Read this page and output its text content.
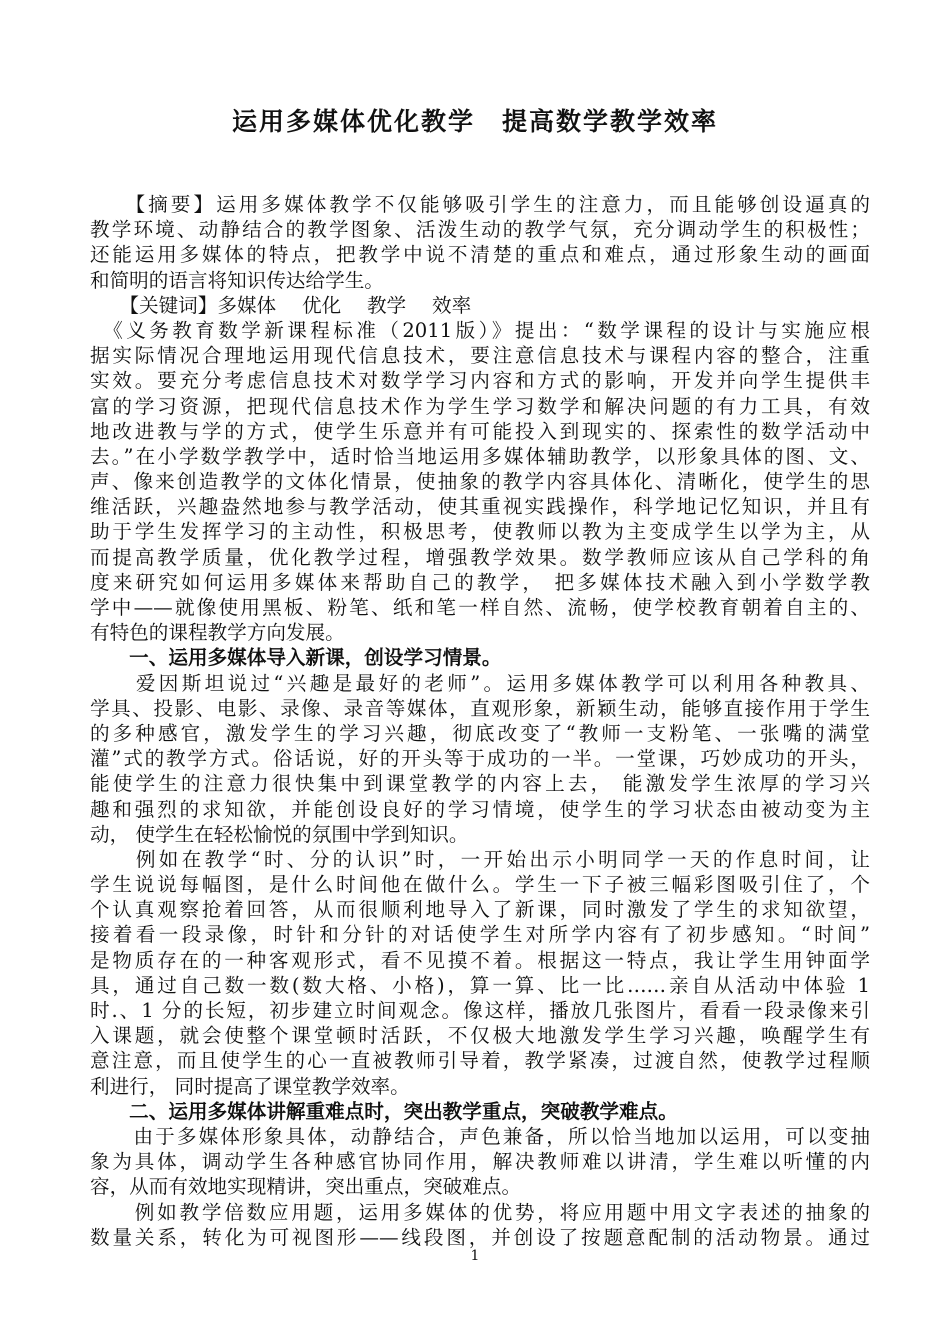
运用多媒体优化教学　提高数学教学效率
　　【摘要】运用多媒体教学不仅能够吸引学生的注意力，而且能够创设逼真的
教学环境、动静结合的教学图象、活泼生动的教学气氛，充分调动学生的积极性；
还能运用多媒体的特点，把教学中说不清楚的重点和难点，通过形象生动的画面
和简明的语言将知识传达给学生。
　　【关键词】多媒体　 优化　 教学　 效率
　《义务教育数学新课程标准（2011版）》提出：“数学课程的设计与实施应根
据实际情况合理地运用现代信息技术，要注意信息技术与课程内容的整合，注重
实效。要充分考虑信息技术对数学学习内容和方式的影响，开发并向学生提供丰
富的学习资源，把现代信息技术作为学生学习数学和解决问题的有力工具，有效
地改进教与学的方式，使学生乐意并有可能投入到现实的、探索性的数学活动中
去。”在小学数学教学中，适时恰当地运用多媒体辅助教学，以形象具体的图、文、
声、像来创造教学的文体化情景，使抽象的教学内容具体化、清晰化，使学生的思
维活跃，兴趣盎然地参与教学活动，使其重视实践操作，科学地记忆知识，并且有
助于学生发挥学习的主动性，积极思考，使教师以教为主变成学生以学为主，从
而提高教学质量，优化教学过程，增强教学效果。数学教师应该从自己学科的角
度来研究如何运用多媒体来帮助自己的教学， 把多媒体技术融入到小学数学教
学中——就像使用黑板、粉笔、纸和笔一样自然、流畅，使学校教育朝着自主的、
有特色的课程教学方向发展。
　　一、运用多媒体导入新课，创设学习情景。
　　爱因斯坦说过“兴趣是最好的老师”。运用多媒体教学可以利用各种教具、
学具、投影、电影、录像、录音等媒体，直观形象，新颖生动，能够直接作用于学生
的多种感官，激发学生的学习兴趣，彻底改变了“教师一支粉笔、一张嘴的满堂
灌”式的教学方式。俗话说，好的开头等于成功的一半。一堂课，巧妙成功的开头，
能使学生的注意力很快集中到课堂教学的内容上去， 能激发学生浓厚的学习兴
趣和强烈的求知欲，并能创设良好的学习情境，使学生的学习状态由被动变为主
动， 使学生在轻松愉悦的氛围中学到知识。
　　例如在教学“时、分的认识”时，一开始出示小明同学一天的作息时间，让
学生说说每幅图，是什么时间他在做什么。学生一下子被三幅彩图吸引住了，个
个认真观察抢着回答，从而很顺利地导入了新课，同时激发了学生的求知欲望，
接着看一段录像，时针和分针的对话使学生对所学内容有了初步感知。“时间”
是物质存在的一种客观形式，看不见摸不着。根据这一特点，我让学生用钟面学
具，通过自己数一数(数大格、小格)，算一算、比一比……亲自从活动中体验 1
时.、1 分的长短，初步建立时间观念。像这样，播放几张图片，看看一段录像来引
入课题，就会使整个课堂顿时活跃，不仅极大地激发学生学习兴趣，唤醒学生有
意注意，而且使学生的心一直被教师引导着，教学紧凑，过渡自然，使教学过程顺
利进行， 同时提高了课堂教学效率。
　　二、运用多媒体讲解重难点时，突出教学重点，突破教学难点。
　　由于多媒体形象具体，动静结合，声色兼备，所以恰当地加以运用，可以变抽
象为具体，调动学生各种感官协同作用，解决教师难以讲清，学生难以听懂的内
容，从而有效地实现精讲，突出重点，突破难点。
　　例如教学倍数应用题，运用多媒体的优势，将应用题中用文字表述的抽象的
数量关系，转化为可视图形——线段图，并创设了按题意配制的活动物景。通过
1
